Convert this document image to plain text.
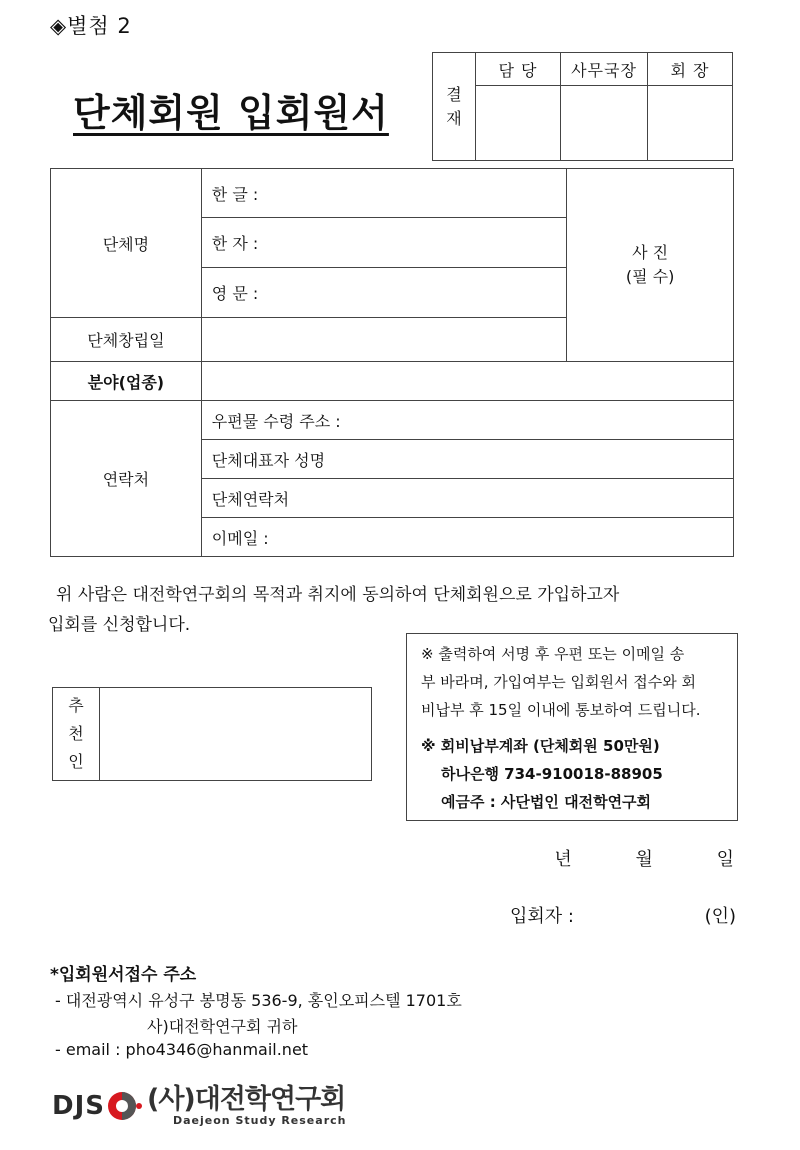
◈별첨 2
단체회원 입회원서	결
재	담 당	사무국장	회 장

단체명	한 글 :	사 진
(필 수)

	한 자 :	
	영 문 :	
단체창립일		
분야(업종)		
연락처	우편물 수령 주소 :	
	단체대표자 성명	
	단체연락처	
	이메일 :	
위 사람은 대전학연구회의 목적과 취지에 동의하여 단체회원으로 가입하고자
입회를 신청합니다.
※ 출력하여 서명 후 우편 또는 이메일 송
부 바라며, 가입여부는 입회원서 접수와 회
비납부 후 15일 이내에 통보하여 드립니다.
※ 회비납부계좌 (단체회원 50만원)
하나은행 734-910018-88905
예금주 : 사단법인 대전학연구회
추
천
인
년	월	일
입회자 :	(인)
*입회원서접수 주소
- 대전광역시 유성구 봉명동 536-9, 홍인오피스텔 1701호
사)대전학연구회 귀하
- email : pho4346@hanmail.net
DJS (사)대전학연구회
Daejeon Study Research
